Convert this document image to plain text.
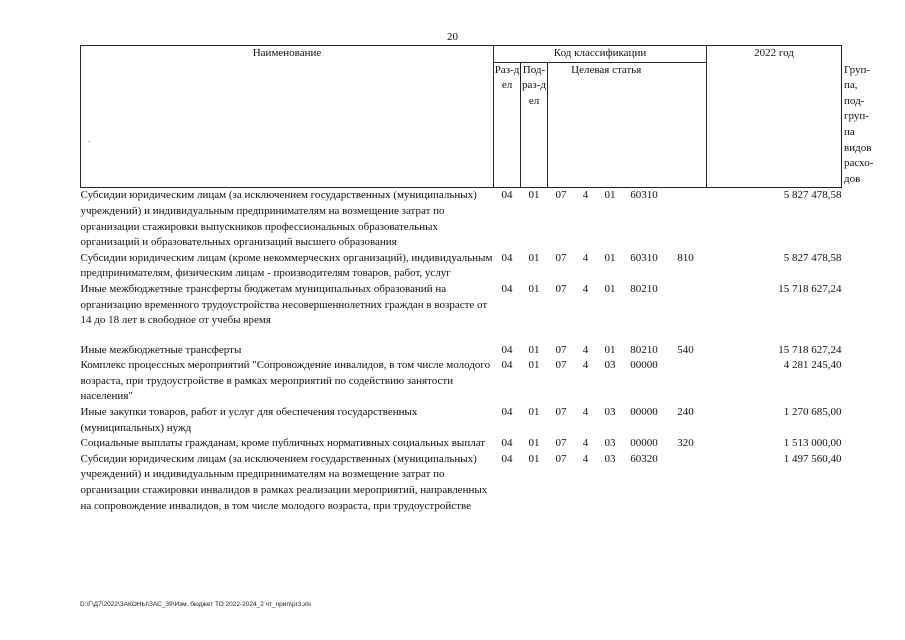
20
-
Наименование	Код классификации							2022 год	
	Раз-дел	Под-раз-дел	Целевая статья						Груп-па, под-груп-па видов расхо-дов
Субсидии юридическим лицам (за исключением государственных (муниципальных) учреждений) и индивидуальным предпринимателям на возмещение затрат по организации стажировки выпускников профессиональных образовательных организаций и образовательных организаций высшего образования	04	01	07	4	01	60310		5 827 478,58	
Субсидии юридическим лицам (кроме некоммерческих организаций), индивидуальным предпринимателям, физическим лицам - производителям товаров, работ, услуг	04	01	07	4	01	60310	810	5 827 478,58	
Иные межбюджетные трансферты бюджетам муниципальных образований на организацию временного трудоустройства несовершеннолетних граждан в возрасте от 14 до 18 лет в свободное от учебы время	04	01	07	4	01	80210		15 718 627,24	
Иные межбюджетные трансферты	04	01	07	4	01	80210	540	15 718 627,24	
Комплекс процессных мероприятий "Сопровождение инвалидов, в том числе молодого возраста, при трудоустройстве в рамках мероприятий по содействию занятости населения"	04	01	07	4	03	00000		4 281 245,40	
Иные закупки товаров, работ и услуг для обеспечения государственных (муниципальных) нужд	04	01	07	4	03	00000	240	1 270 685,00	
Социальные выплаты гражданам, кроме публичных нормативных социальных выплат	04	01	07	4	03	00000	320	1 513 000,00	
Субсидии юридическим лицам (за исключением государственных (муниципальных) учреждений) и индивидуальным предпринимателям на возмещение затрат по организации стажировки инвалидов в рамках реализации мероприятий, направленных на сопровождение инвалидов, в том числе молодого возраста, при трудоустройстве	04	01	07	4	03	60320		1 497 560,40	
D:\Г\Д7\2022\ЗАКОНЫ\ЗАС_39\Изм. бюджет ТО 2022-2024_2 чт_прил\pr3.xls
